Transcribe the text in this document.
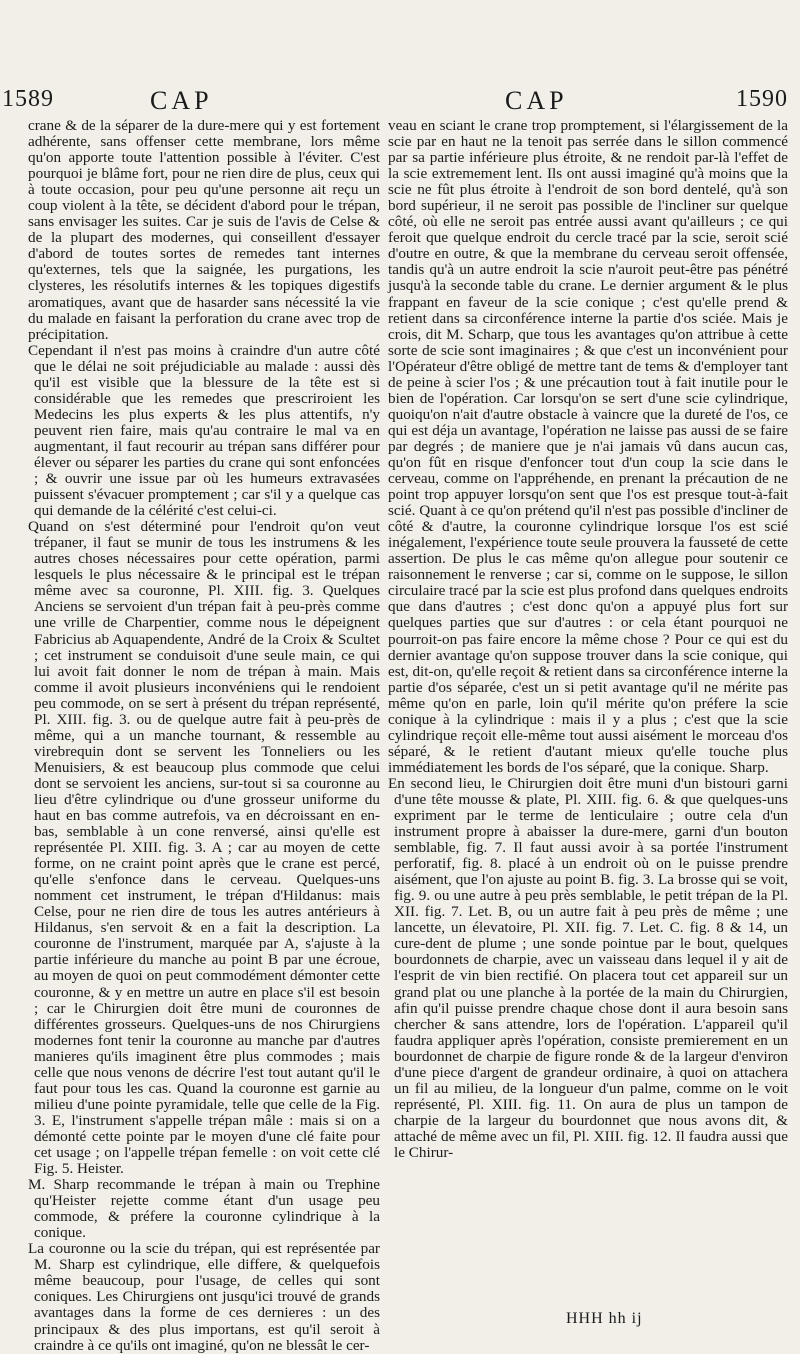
1589	CAP	CAP	1590

crane & de la séparer de la dure-mere qui y est fortement adhérente, sans offenser cette membrane, lors même qu'on apporte toute l'attention possible à l'éviter. C'est pourquoi je blâme fort, pour ne rien dire de plus, ceux qui à toute occasion, pour peu qu'une personne ait reçu un coup violent à la tête, se décident d'abord pour le trépan, sans envisager les suites. Car je suis de l'avis de Celse & de la plupart des modernes, qui conseillent d'essayer d'abord de toutes sortes de remedes tant internes qu'externes, tels que la saignée, les purgations, les clysteres, les résolutifs internes & les topiques digestifs aromatiques, avant que de hasarder sans nécessité la vie du malade en faisant la perforation du crane avec trop de précipitation.

Cependant il n'est pas moins à craindre d'un autre côté que le délai ne soit préjudiciable au malade : aussi dès qu'il est visible que la blessure de la tête est si considérable que les remedes que prescriroient les Medecins les plus experts & les plus attentifs, n'y peuvent rien faire, mais qu'au contraire le mal va en augmentant, il faut recourir au trépan sans différer pour élever ou séparer les parties du crane qui sont enfoncées ; & ouvrir une issue par où les humeurs extravasées puissent s'évacuer promptement ; car s'il y a quelque cas qui demande de la célérité c'est celui-ci.

Quand on s'est déterminé pour l'endroit qu'on veut trépaner, il faut se munir de tous les instrumens & les autres choses nécessaires pour cette opération, parmi lesquels le plus nécessaire & le principal est le trépan même avec sa couronne, Pl. XIII. fig. 3. Quelques Anciens se servoient d'un trépan fait à peu-près comme une vrille de Charpentier, comme nous le dépeignent Fabricius ab Aquapendente, André de la Croix & Scultet ; cet instrument se conduisoit d'une seule main, ce qui lui avoit fait donner le nom de trépan à main. Mais comme il avoit plusieurs inconvéniens qui le rendoient peu commode, on se sert à présent du trépan représenté, Pl. XIII. fig. 3. ou de quelque autre fait à peu-près de même, qui a un manche tournant, & ressemble au virebrequin dont se servent les Tonneliers ou les Menuisiers, & est beaucoup plus commode que celui dont se servoient les anciens, sur-tout si sa couronne au lieu d'être cylindrique ou d'une grosseur uniforme du haut en bas comme autrefois, va en décroissant en en-bas, semblable à un cone renversé, ainsi qu'elle est représentée Pl. XIII. fig. 3. A ; car au moyen de cette forme, on ne craint point après que le crane est percé, qu'elle s'enfonce dans le cerveau. Quelques-uns nomment cet instrument, le trépan d'Hildanus: mais Celse, pour ne rien dire de tous les autres antérieurs à Hildanus, s'en servoit & en a fait la description. La couronne de l'instrument, marquée par A, s'ajuste à la partie inférieure du manche au point B par une écroue, au moyen de quoi on peut commodément démonter cette couronne, & y en mettre un autre en place s'il est besoin ; car le Chirurgien doit être muni de couronnes de différentes grosseurs. Quelques-uns de nos Chirurgiens modernes font tenir la couronne au manche par d'autres manieres qu'ils imaginent être plus commodes ; mais celle que nous venons de décrire l'est tout autant qu'il le faut pour tous les cas. Quand la couronne est garnie au milieu d'une pointe pyramidale, telle que celle de la Fig. 3. E, l'instrument s'appelle trépan mâle : mais si on a démonté cette pointe par le moyen d'une clé faite pour cet usage ; on l'appelle trépan femelle : on voit cette clé Fig. 5. Heister.

M. Sharp recommande le trépan à main ou Trephine qu'Heister rejette comme étant d'un usage peu commode, & préfere la couronne cylindrique à la conique.

La couronne ou la scie du trépan, qui est représentée par M. Sharp est cylindrique, elle differe, & quelquefois même beaucoup, pour l'usage, de celles qui sont coniques. Les Chirurgiens ont jusqu'ici trouvé de grands avantages dans la forme de ces dernieres : un des principaux & des plus importans, est qu'il seroit à craindre à ce qu'ils ont imaginé, qu'on ne blessât le cer-

veau en sciant le crane trop promptement, si l'élargissement de la scie par en haut ne la tenoit pas serrée dans le sillon commencé par sa partie inférieure plus étroite, & ne rendoit par-là l'effet de la scie extremement lent. Ils ont aussi imaginé qu'à moins que la scie ne fût plus étroite à l'endroit de son bord dentelé, qu'à son bord supérieur, il ne seroit pas possible de l'incliner sur quelque côté, où elle ne seroit pas entrée aussi avant qu'ailleurs ; ce qui feroit que quelque endroit du cercle tracé par la scie, seroit scié d'outre en outre, & que la membrane du cerveau seroit offensée, tandis qu'à un autre endroit la scie n'auroit peut-être pas pénétré jusqu'à la seconde table du crane. Le dernier argument & le plus frappant en faveur de la scie conique ; c'est qu'elle prend & retient dans sa circonférence interne la partie d'os sciée. Mais je crois, dit M. Scharp, que tous les avantages qu'on attribue à cette sorte de scie sont imaginaires ; & que c'est un inconvénient pour l'Opérateur d'être obligé de mettre tant de tems & d'employer tant de peine à scier l'os ; & une précaution tout à fait inutile pour le bien de l'opération. Car lorsqu'on se sert d'une scie cylindrique, quoiqu'on n'ait d'autre obstacle à vaincre que la dureté de l'os, ce qui est déja un avantage, l'opération ne laisse pas aussi de se faire par degrés ; de maniere que je n'ai jamais vû dans aucun cas, qu'on fût en risque d'enfoncer tout d'un coup la scie dans le cerveau, comme on l'appréhende, en prenant la précaution de ne point trop appuyer lorsqu'on sent que l'os est presque tout-à-fait scié. Quant à ce qu'on prétend qu'il n'est pas possible d'incliner de côté & d'autre, la couronne cylindrique lorsque l'os est scié inégalement, l'expérience toute seule prouvera la fausseté de cette assertion. De plus le cas même qu'on allegue pour soutenir ce raisonnement le renverse ; car si, comme on le suppose, le sillon circulaire tracé par la scie est plus profond dans quelques endroits que dans d'autres ; c'est donc qu'on a appuyé plus fort sur quelques parties que sur d'autres : or cela étant pourquoi ne pourroit-on pas faire encore la même chose ? Pour ce qui est du dernier avantage qu'on suppose trouver dans la scie conique, qui est, dit-on, qu'elle reçoit & retient dans sa circonférence interne la partie d'os séparée, c'est un si petit avantage qu'il ne mérite pas même qu'on en parle, loin qu'il mérite qu'on préfere la scie conique à la cylindrique : mais il y a plus ; c'est que la scie cylindrique reçoit elle-même tout aussi aisément le morceau d'os séparé, & le retient d'autant mieux qu'elle touche plus immédiatement les bords de l'os séparé, que la conique. Sharp.

En second lieu, le Chirurgien doit être muni d'un bistouri garni d'une tête mousse & plate, Pl. XIII. fig. 6. & que quelques-uns expriment par le terme de lenticulaire ; outre cela d'un instrument propre à abaisser la dure-mere, garni d'un bouton semblable, fig. 7. Il faut aussi avoir à sa portée l'instrument perforatif, fig. 8. placé à un endroit où on le puisse prendre aisément, que l'on ajuste au point B. fig. 3. La brosse qui se voit, fig. 9. ou une autre à peu près semblable, le petit trépan de la Pl. XII. fig. 7. Let. B, ou un autre fait à peu près de même ; une lancette, un élevatoire, Pl. XII. fig. 7. Let. C. fig. 8 & 14, un cure-dent de plume ; une sonde pointue par le bout, quelques bourdonnets de charpie, avec un vaisseau dans lequel il y ait de l'esprit de vin bien rectifié. On placera tout cet appareil sur un grand plat ou une planche à la portée de la main du Chirurgien, afin qu'il puisse prendre chaque chose dont il aura besoin sans chercher & sans attendre, lors de l'opération. L'appareil qu'il faudra appliquer après l'opération, consiste premierement en un bourdonnet de charpie de figure ronde & de la largeur d'environ d'une piece d'argent de grandeur ordinaire, à quoi on attachera un fil au milieu, de la longueur d'un palme, comme on le voit représenté, Pl. XIII. fig. 11. On aura de plus un tampon de charpie de la largeur du bourdonnet que nous avons dit, & attaché de même avec un fil, Pl. XIII. fig. 12. Il faudra aussi que le Chirur-

HHH hh ij
